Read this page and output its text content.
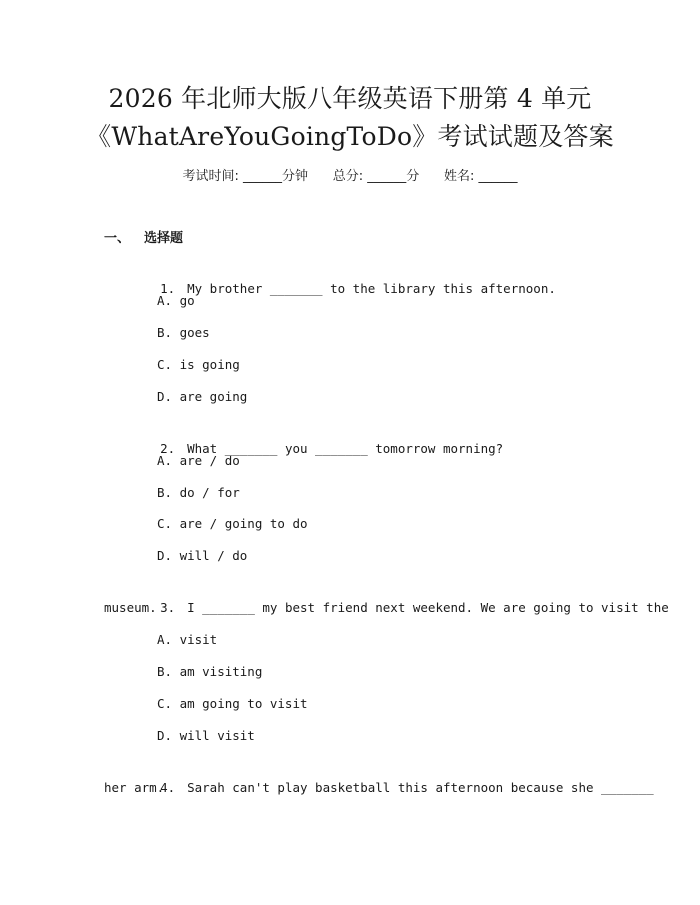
2026 年北师大版八年级英语下册第 4 单元
《WhatAreYouGoingToDo》考试试题及答案
考试时间: ______分钟      总分: ______分      姓名: ______
一、 选择题

1. My brother _______ to the library this afternoon.

A. go
B. goes
C. is going
D. are going

2. What _______ you _______ tomorrow morning?

A. are / do
B. do / for
C. are / going to do
D. will / do

3. I _______ my best friend next weekend. We are going to visit the

museum.
A. visit
B. am visiting
C. am going to visit
D. will visit

4. Sarah can't play basketball this afternoon because she _______

her arm.
